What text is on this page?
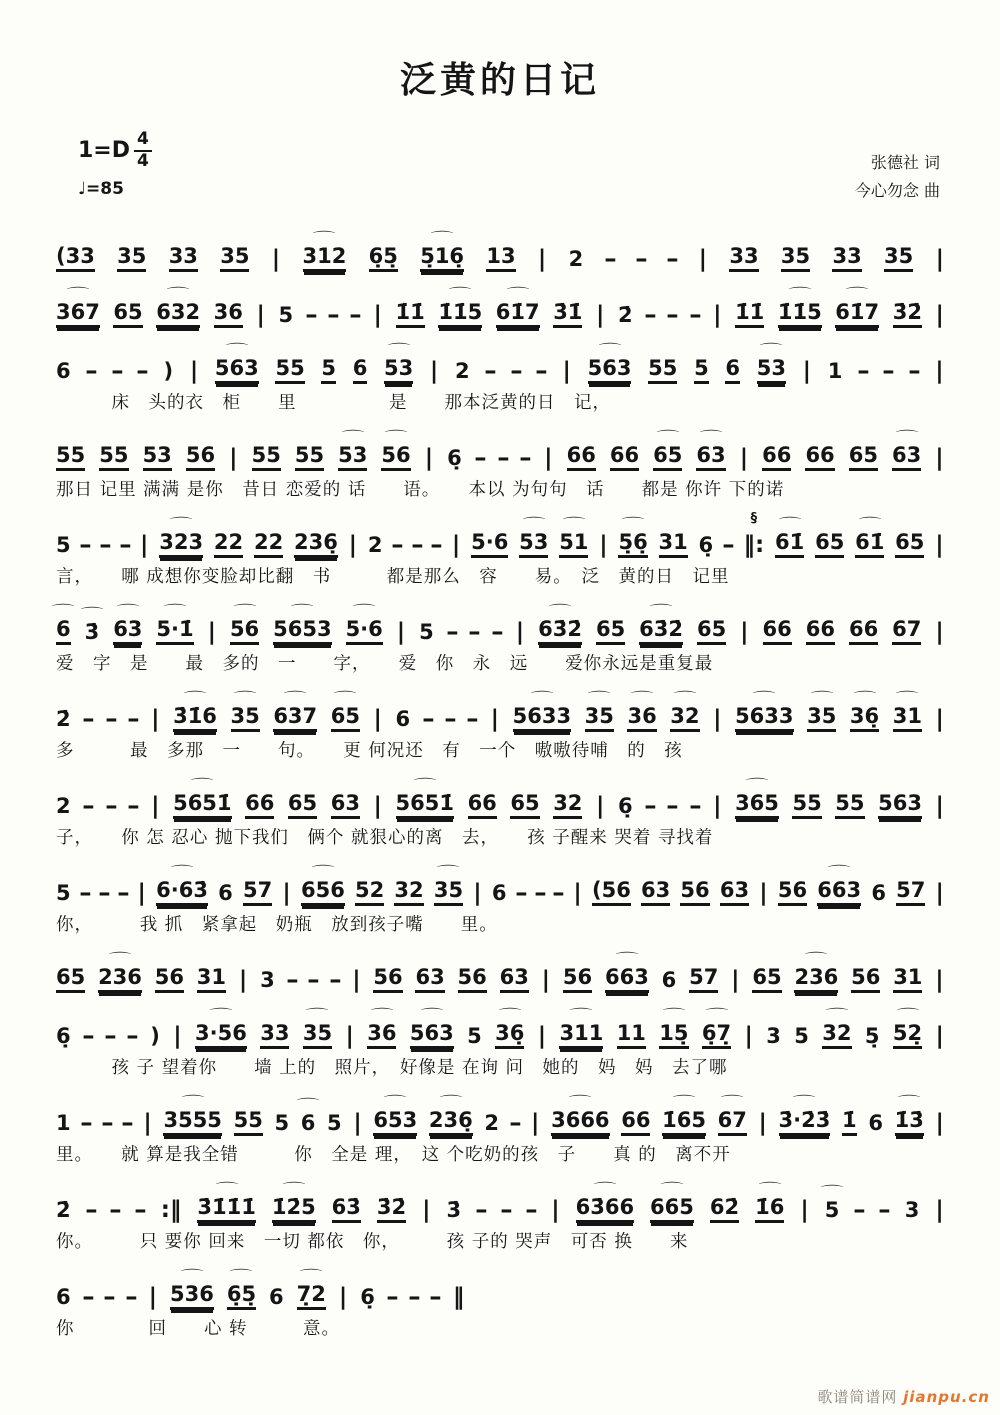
泛黄的日记
$1=D \frac{4}{4}$
♩=85
张德社 词
今心勿念 曲
(33 35 33 35 |
⌒
312 6̣5̣
⌒
5̣16̣ 13 | 2 - - - | 33 35 33 35 |
⌒
367 65
⌒
632 36 | 5 - - - | 1̇1̇
⌒
1̇1̇5
⌒
61̇7 3̇1̇ | 2̇ - - - | 1̇1̇
⌒
1̇1̇5
⌒
61̇7 3̇2̇ |
6 - - - ) |
⌒
563 55 5 6
⌒
53 | 2 - - - |
⌒
563 55 5 6
⌒
53 | 1 - - - |
　　　床　头的衣　柜　　里　　　　　是　　那本泛黄的日　记，
55 55 53 56 | 55 55
⌒
53
⌒
56 | 6̣ - - - | 66 66
⌒
65
⌒
63 | 66 66 65
⌒
63 |
那日 记里 满满 是你　昔日 恋爱的 话　　语。　　本以 为句句　话　　都是 你许 下的诺
5 - - - |
⌒
323 22 22 236̣ | 2 - - - | 5·6
⌒
53
⌒
51 |
⌒
5̣6̣ 31 6̣ -
§
‖:
⌒
61̇ 65
⌒
61̇ 65 |
言，　　哪 成想你变脸却比翻　书　　　都是那么　容　　易。　泛　黄的日　记里
⌒
6
⌒
3̇
⌒
63
⌒
5·1̇ |
⌒
56
⌒
5653
⌒
5·6 | 5 - - - |
⌒
63̇2̇ 65
⌒
63̇2̇ 65 | 66 66 66 67 |
爱　字　是　　最　多的　一　　字，　　爱　你　永　远　　爱你永远是重复最
2̇ - - - |
⌒
3̇1̇6
⌒
35
⌒
637
⌒
65 | 6 - - - |
⌒
5633
⌒
35
⌒
36
⌒
32 |
⌒
5633
⌒
35
⌒
36̣
⌒
31 |
多　　　最　多那　一　　句。　　更 何况还　有　一个　嗷嗷待哺　的　孩
2 - - - |
⌒
5651̇ 66 65 63 |
⌒
5651̇ 66 65 32 | 6̣ - - - |
⌒
365 55 55 563 |
子，　　你 怎 忍心 抛下我们　俩个 就狠心的离　去，　　孩 子醒来 哭着 寻找着
5 - - - |
⌒
6·63̇ 6 57 |
⌒
656 52 32
⌒
35 | 6 - - - | (56 63 56 63 | 56
⌒
663 6 57 |
你，　　　我 抓　紧拿起　奶瓶　放到孩子嘴　　里。
65
⌒
236 56 31 | 3 - - - | 56 63 56 63 | 56
⌒
663 6 57 | 65
⌒
236 56 31 |
6̣ - - - ) |
⌒
3·56 33
⌒
35 |
⌒
36
⌒
563 5
⌒
36̣ |
⌒
311 11
⌒
15̣
⌒
6̣7̣ | 3 5
⌒
32 5̣
⌒
52̣ |
　　　孩 子 望着你　　墙 上的　照片，　好像是 在询 问　她的　妈　妈　去了哪
1 - - - |
⌒
3555 55 5
⌒
6 5 |
⌒
653
⌒
236̣ 2 - |
⌒
3666 66
⌒
1̇65
⌒
67 |
⌒
3̇·2̇3̇ 1̇ 6
⌒
1̇3̇ |
里。　　就 算是我全错　　　你　全是 理，　这 个吃奶的孩　子　　真 的　离不开
2̇ - - - :‖
⌒
3̇1̇1̇1̇
⌒
1̇2̇5 63̇ 3̇2̇ | 3̇ - - - |
⌒
63̇66
⌒
665 62̇
⌒
1̇6 |
⌒
5 - - 3 |
你。　　　只 要你 回来　一切 都依　你，　　　孩 子的 哭声　可否 换　　来
6 - - - |
⌒
536
⌒
6̣5̣ 6
⌒
7̣2 | 6̣ - - - ‖
你　　　　回　　心 转　　　意。
歌谱简谱网 jianpu.cn
